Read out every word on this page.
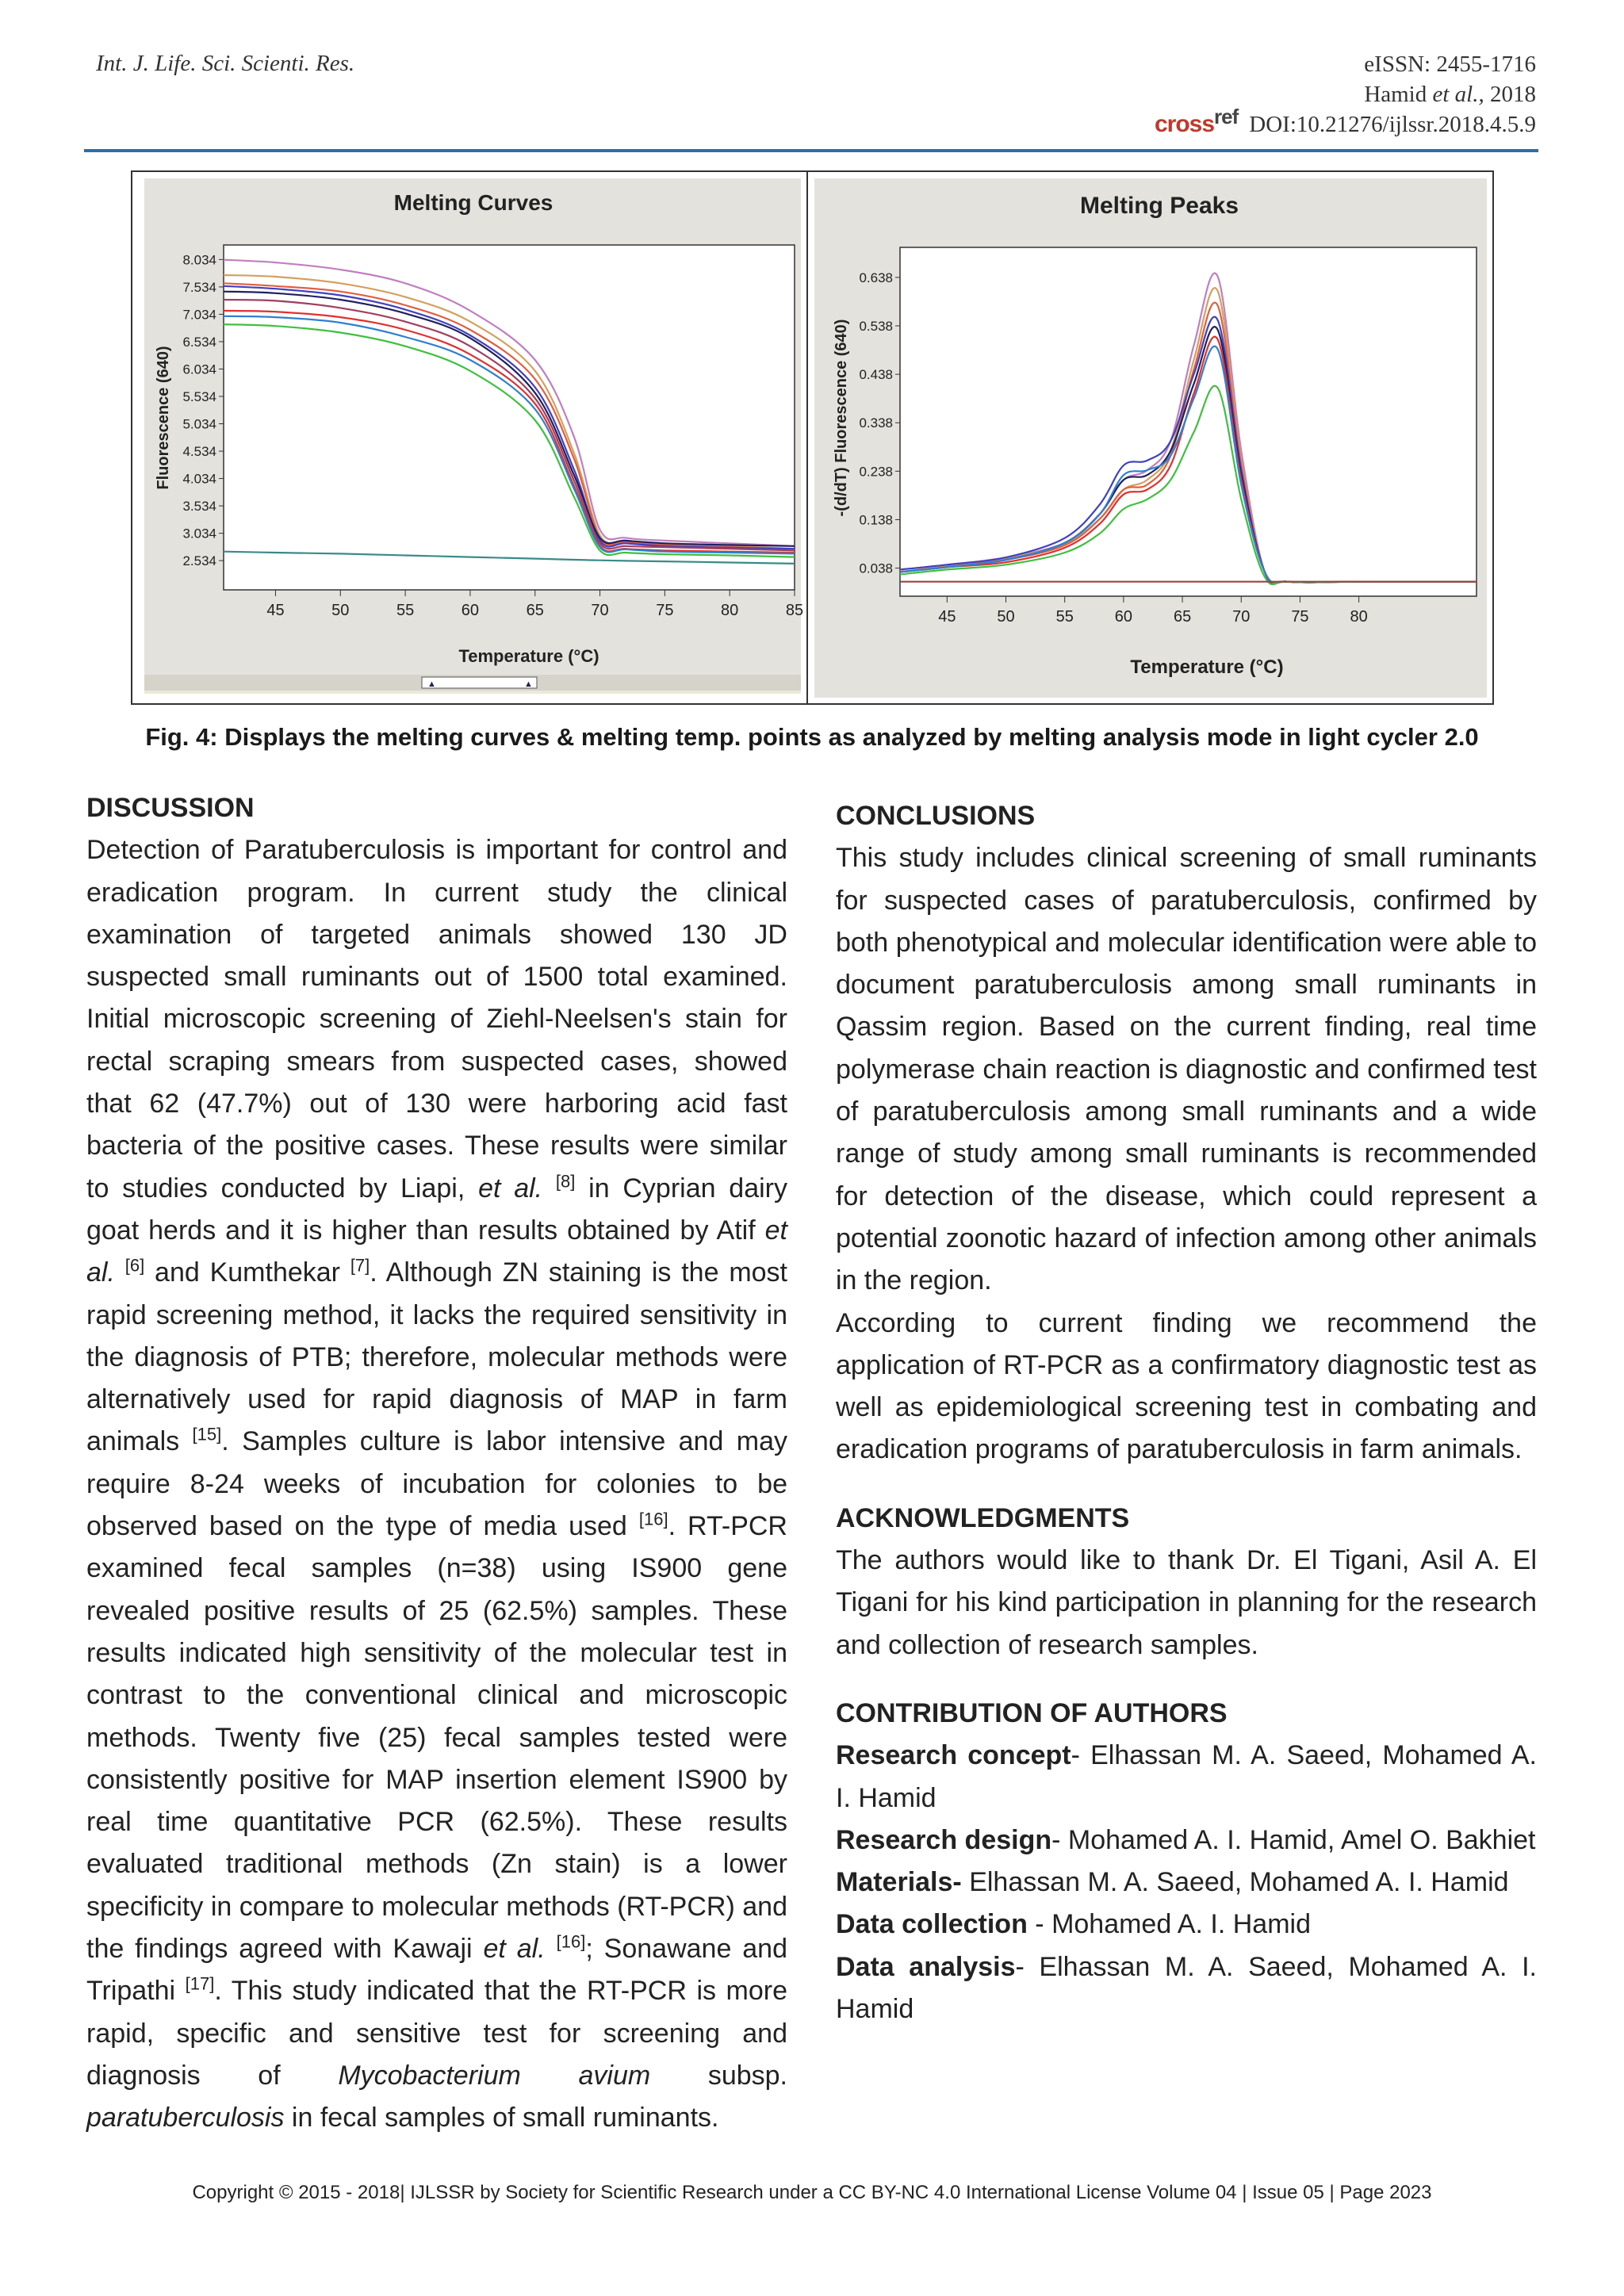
Int. J. Life. Sci. Scienti. Res.	eISSN: 2455-1716
Hamid et al., 2018
crossref DOI:10.21276/ijlssr.2018.4.5.9
Melting Curves
8.034
7.534
7.034
6.534
6.034
5.534
5.034
4.534
4.034
3.534
3.034
2.534
45	50	55	60	65	70	75	80	85
Fluorescence (640)
Temperature (°C)
▲	▲
Melting Peaks
0.638
0.538
0.438
0.338
0.238
0.138
0.038
45	50	55	60	65	70	75	80
-(d/dT) Fluorescence (640)
Temperature (°C)
Fig. 4: Displays the melting curves & melting temp. points as analyzed by melting analysis mode in light cycler 2.0

DISCUSSION

Detection of Paratuberculosis is important for control and eradication program. In current study the clinical examination of targeted animals showed 130 JD suspected small ruminants out of 1500 total examined. Initial microscopic screening of Ziehl-Neelsen's stain for rectal scraping smears from suspected cases, showed that 62 (47.7%) out of 130 were harboring acid fast bacteria of the positive cases. These results were similar to studies conducted by Liapi, et al. [8] in Cyprian dairy goat herds and it is higher than results obtained by Atif et al. [6] and Kumthekar [7]. Although ZN staining is the most rapid screening method, it lacks the required sensitivity in the diagnosis of PTB; therefore, molecular methods were alternatively used for rapid diagnosis of MAP in farm animals [15]. Samples culture is labor intensive and may require 8-24 weeks of incubation for colonies to be observed based on the type of media used [16]. RT-PCR examined fecal samples (n=38) using IS900 gene revealed positive results of 25 (62.5%) samples. These results indicated high sensitivity of the molecular test in contrast to the conventional clinical and microscopic methods. Twenty five (25) fecal samples tested were consistently positive for MAP insertion element IS900 by real time quantitative PCR (62.5%). These results evaluated traditional methods (Zn stain) is a lower specificity in compare to molecular methods (RT-PCR) and the findings agreed with Kawaji et al. [16]; Sonawane and Tripathi [17]. This study indicated that the RT-PCR is more rapid, specific and sensitive test for screening and diagnosis of Mycobacterium avium subsp. paratuberculosis in fecal samples of small ruminants.

CONCLUSIONS

This study includes clinical screening of small ruminants for suspected cases of paratuberculosis, confirmed by both phenotypical and molecular identification were able to document paratuberculosis among small ruminants in Qassim region. Based on the current finding, real time polymerase chain reaction is diagnostic and confirmed test of paratuberculosis among small ruminants and a wide range of study among small ruminants is recommended for detection of the disease, which could represent a potential zoonotic hazard of infection among other animals in the region.

According to current finding we recommend the application of RT-PCR as a confirmatory diagnostic test as well as epidemiological screening test in combating and eradication programs of paratuberculosis in farm animals.

ACKNOWLEDGMENTS

The authors would like to thank Dr. El Tigani, Asil A. El Tigani for his kind participation in planning for the research and collection of research samples.

CONTRIBUTION OF AUTHORS

Research concept- Elhassan M. A. Saeed, Mohamed A. I. Hamid

Research design- Mohamed A. I. Hamid, Amel O. Bakhiet

Materials- Elhassan M. A. Saeed, Mohamed A. I. Hamid

Data collection - Mohamed A. I. Hamid

Data analysis- Elhassan M. A. Saeed, Mohamed A. I. Hamid

Copyright © 2015 - 2018| IJLSSR by Society for Scientific Research under a CC BY-NC 4.0 International License Volume 04 | Issue 05 | Page 2023
